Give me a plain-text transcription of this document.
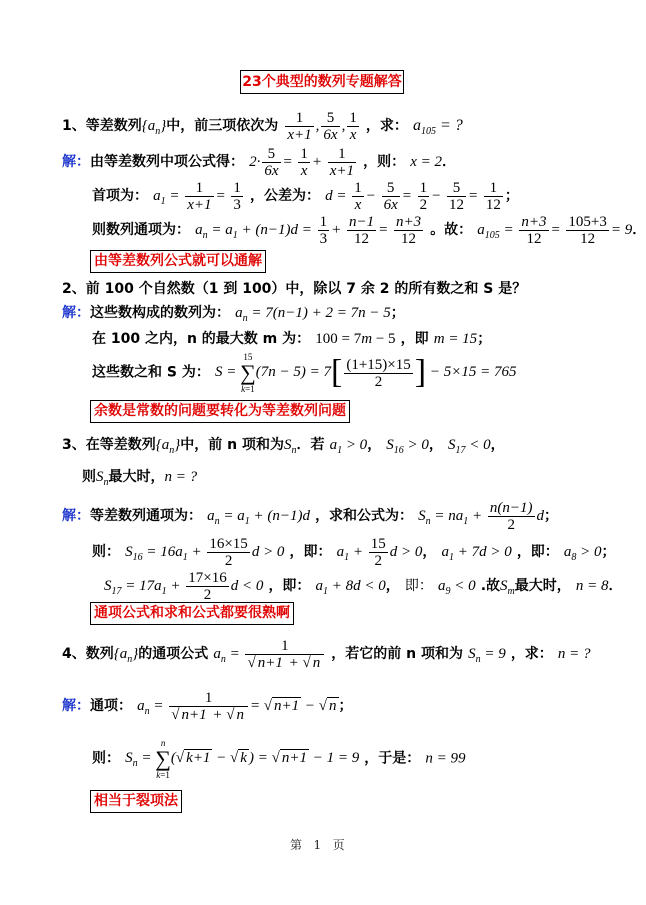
23个典型的数列专题解答
1、等差数列$\{a_n\}$中，前三项依次为 $\frac{1}{x+1}$ , $\frac{5}{6x}$ , $\frac{1}{x}$ ，求： $a_{105}$ = ?
解：由等差数列中项公式得： $2\cdot \frac{5}{6x} = \frac{1}{x} + \frac{1}{x+1}$ ，则： x = 2．
首项为： $a_1 = \frac{1}{x+1} = \frac{1}{3}$ ，公差为： $d = \frac{1}{x} - \frac{5}{6x} = \frac{1}{2} - \frac{5}{12} = \frac{1}{12}$ ；
则数列通项为： $a_n = a_1 + (n-1)d = \frac{1}{3} + \frac{n-1}{12} = \frac{n+3}{12}$ 。故： $a_{105} = \frac{n+3}{12} = \frac{105+3}{12} = 9$．
由等差数列公式就可以通解
2、前 100 个自然数（1 到 100）中，除以 7 余 2 的所有数之和 S 是？
解：这些数构成的数列为： $a_n = 7(n-1) + 2 = 7n - 5$；
在 100 之内，n 的最大数 m 为： 100 = 7m − 5 ，即 m = 15；
这些数之和 S 为： S =
15
∑
k=1
$(7n - 5) = 7[ \frac{(1+15)\times 15}{2}$ ] − 5×15 = 765
余数是常数的问题要转化为等差数列问题
3、在等差数列$\{a_n\}$中，前 n 项和为$S_n$．若 $a_1 > 0$， $S_{16} > 0$， $S_{17} < 0$，
则$S_n$最大时，n = ?
解：等差数列通项为： $a_n = a_1 + (n-1)d$ ，求和公式为： $S_n = na_1 + \frac{n(n-1)}{2}$ d；
则： $S_{16} = 16a_1 + \frac{16\times 15}{2}$ d > 0 ，即： $a_1 + \frac{15}{2}$ d > 0， $a_1 + 7d > 0$ ，即： $a_8 > 0$；
$S_{17} = 17a_1 + \frac{17\times 16}{2}$ d < 0 ，即： $a_1 + 8d < 0$， 即： $a_9 < 0$ .故$S_m$最大时， n = 8．
通项公式和求和公式都要很熟啊
4、数列$\{a_n\}$的通项公式 $a_n = \frac{1}{√ n+1 + √ n}$ ，若它的前 n 项和为 $S_n = 9$ ，求： n = ?
解：通项： $a_n = \frac{1}{√ n+1 + √ n}$ = √ n+1 − √ n ；
则： $S_n$ =
n
∑
k=1
(√ k+1 − √ k ) = √ n+1 − 1 = 9 ，于是： n = 99
相当于裂项法
第 1 页
